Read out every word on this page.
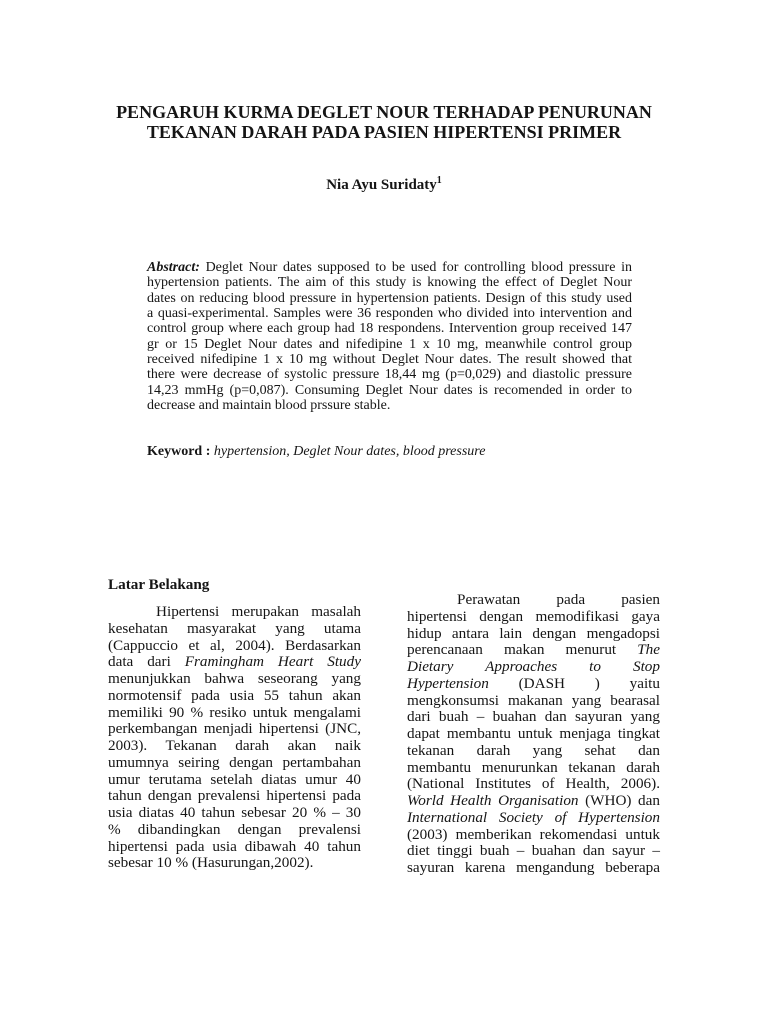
PENGARUH KURMA DEGLET NOUR TERHADAP PENURUNAN
TEKANAN DARAH PADA PASIEN HIPERTENSI PRIMER
Nia Ayu Suridaty$^1$
Abstract: Deglet Nour dates supposed to be used for controlling blood pressure in
hypertension patients. The aim of this study is knowing the effect of Deglet Nour
dates on reducing blood pressure in hypertension patients. Design of this study used
a quasi-experimental. Samples were 36 responden who divided into intervention and
control group where each group had 18 respondens. Intervention group received 147
gr or 15 Deglet Nour dates and nifedipine 1 x 10 mg, meanwhile control group
received nifedipine 1 x 10 mg without Deglet Nour dates. The result showed that
there were decrease of systolic pressure 18,44 mg (p=0,029) and diastolic pressure
14,23 mmHg (p=0,087). Consuming Deglet Nour dates is recomended in order to
decrease and maintain blood prssure stable.
Keyword : hypertension, Deglet Nour dates, blood pressure
Latar Belakang
Hipertensi merupakan masalah
kesehatan masyarakat yang utama
(Cappuccio et al, 2004). Berdasarkan
data dari Framingham Heart Study
menunjukkan bahwa seseorang yang
normotensif pada usia 55 tahun akan
memiliki 90 % resiko untuk mengalami
perkembangan menjadi hipertensi (JNC,
2003). Tekanan darah akan naik
umumnya seiring dengan pertambahan
umur terutama setelah diatas umur 40
tahun dengan prevalensi hipertensi pada
usia diatas 40 tahun sebesar 20 % – 30
% dibandingkan dengan prevalensi
hipertensi pada usia dibawah 40 tahun
sebesar 10 % (Hasurungan,2002).
Perawatan pada pasien
hipertensi dengan memodifikasi gaya
hidup antara lain dengan mengadopsi
perencanaan makan menurut The
Dietary Approaches to Stop
Hypertension (DASH ) yaitu
mengkonsumsi makanan yang bearasal
dari buah – buahan dan sayuran yang
dapat membantu untuk menjaga tingkat
tekanan darah yang sehat dan
membantu menurunkan tekanan darah
(National Institutes of Health, 2006).
World Health Organisation (WHO) dan
International Society of Hypertension
(2003) memberikan rekomendasi untuk
diet tinggi buah – buahan dan sayur –
sayuran karena mengandung beberapa
